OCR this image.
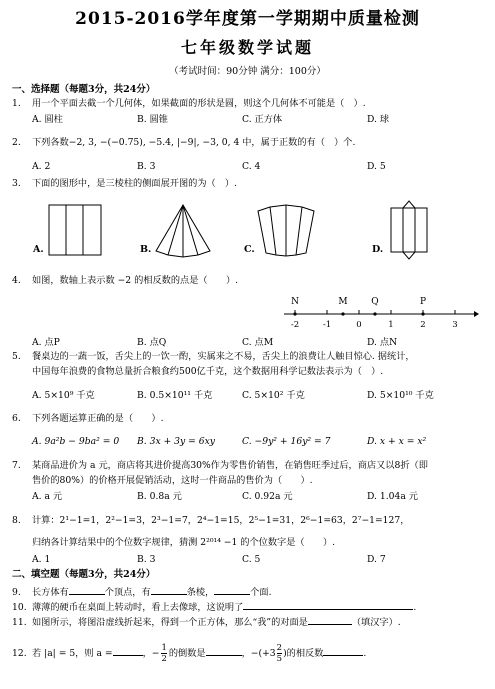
2015-2016学年度第一学期期中质量检测
七年级数学试题
（考试时间：90分钟 满分：100分）
一、选择题（每题3分，共24分）
1. 用一个平面去截一个几何体，如果截面的形状是圆，则这个几何体不可能是（　）.
A. 圆柱	B. 圆锥	C. 正方体	D. 球
2. 下列各数−2, 3, −(−0.75), −5.4, |−9|, −3, 0, 4 中，属于正数的有（　）个.
A. 2	B. 3	C. 4	D. 5
3. 下面的图形中，是三棱柱的侧面展开图的为（　）.
A.	B.	C.	D.
4. 如图，数轴上表示数 −2 的相反数的点是（　　）.
N	M	Q	P
-2	-1	0	1	2	3
A. 点P	B. 点Q	C. 点M	D. 点N
5. 餐桌边的一蔬一饭，舌尖上的一饮一酌，实属来之不易，舌尖上的浪费让人触目惊心. 据统计，
中国每年浪费的食物总量折合粮食约500亿千克，这个数据用科学记数法表示为（　）.
A. 5×10⁹ 千克	B. 0.5×10¹¹ 千克	C. 5×10² 千克	D. 5×10¹⁰ 千克
6. 下列各题运算正确的是（　　）.
A. 9a²b − 9ba² = 0 B. 3x + 3y = 6xy	C. −9y² + 16y² = 7	D. x + x = x²
7. 某商品进价为 a 元，商店将其进价提高30%作为零售价销售，在销售旺季过后，商店又以8折（即
售价的80%）的价格开展促销活动，这时一件商品的售价为（　　）.
A. a 元	B. 0.8a 元	C. 0.92a 元	D. 1.04a 元
8. 计算：2¹−1=1，2²−1=3，2³−1=7，2⁴−1=15，2⁵−1=31，2⁶−1=63，2⁷−1=127，
归纳各计算结果中的个位数字规律，猜测 2²⁰¹⁴ −1 的个位数字是（　　）.
A. 1	B. 3	C. 5	D. 7
二、填空题（每题3分，共24分）
9. 长方体有	个顶点，有	条棱，	个面.
10. 薄薄的硬币在桌面上转动时，看上去像球，这说明了	.
11. 如图所示，将图沿虚线折起来，得到一个正方体，那么“我”的对面是	（填汉字）.
12. 若 |a| = 5，则 a =	，− $\frac{1}{2}$ 的倒数是	，$-(+3 \frac{2}{5}$ )的相反数	.
